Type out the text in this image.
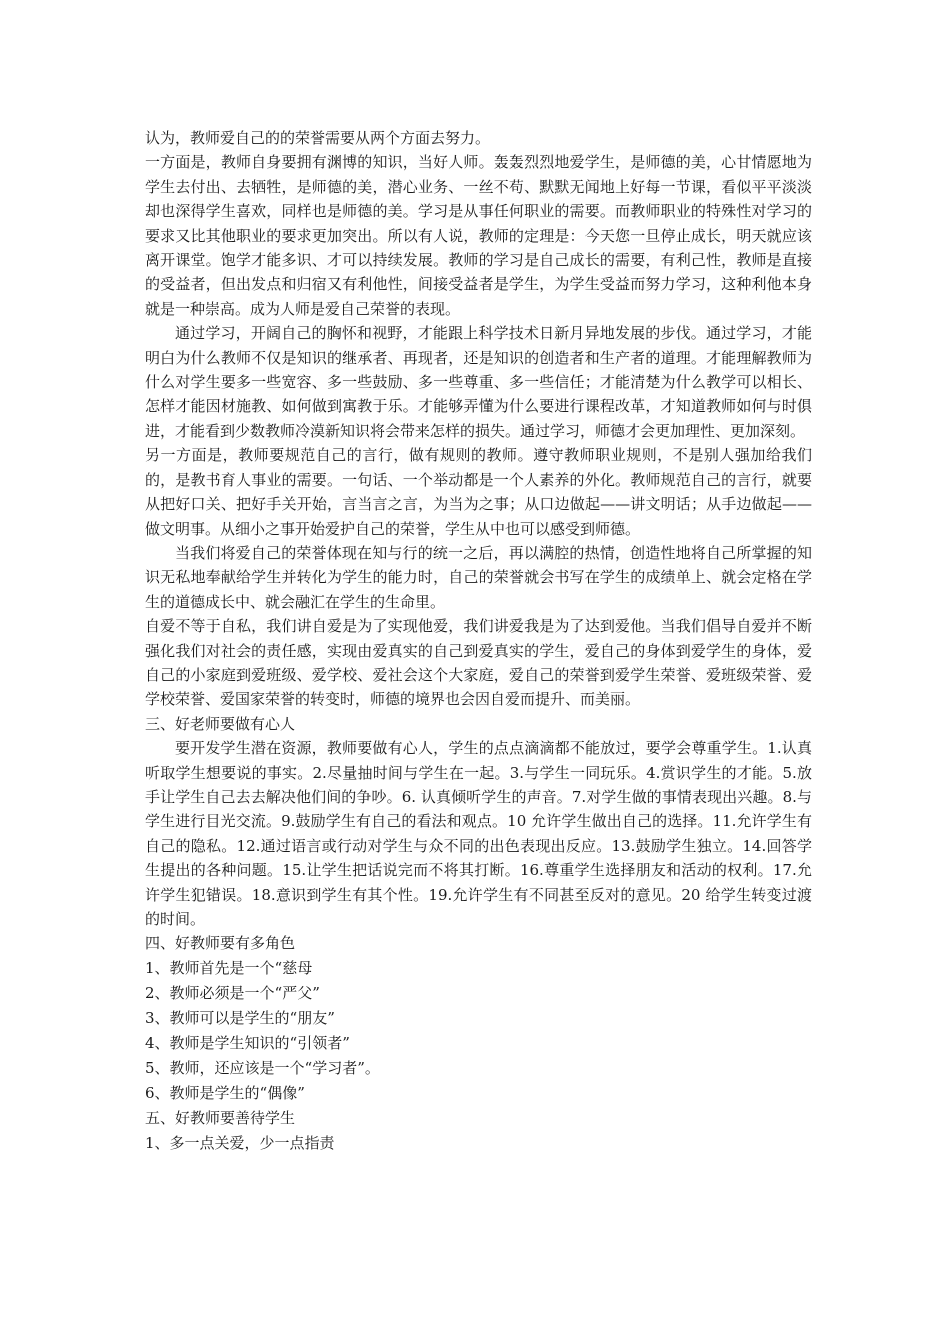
认为，教师爱自己的的荣誉需要从两个方面去努力。

一方面是，教师自身要拥有渊博的知识，当好人师。轰轰烈烈地爱学生，是师德的美，心甘情愿地为学生去付出、去牺牲，是师德的美，潜心业务、一丝不苟、默默无闻地上好每一节课，看似平平淡淡却也深得学生喜欢，同样也是师德的美。学习是从事任何职业的需要。而教师职业的特殊性对学习的要求又比其他职业的要求更加突出。所以有人说，教师的定理是：今天您一旦停止成长，明天就应该离开课堂。饱学才能多识、才可以持续发展。教师的学习是自己成长的需要，有利己性，教师是直接的受益者，但出发点和归宿又有利他性，间接受益者是学生，为学生受益而努力学习，这种利他本身就是一种崇高。成为人师是爱自己荣誉的表现。

通过学习，开阔自己的胸怀和视野，才能跟上科学技术日新月异地发展的步伐。通过学习，才能明白为什么教师不仅是知识的继承者、再现者，还是知识的创造者和生产者的道理。才能理解教师为什么对学生要多一些宽容、多一些鼓励、多一些尊重、多一些信任；才能清楚为什么教学可以相长、怎样才能因材施教、如何做到寓教于乐。才能够弄懂为什么要进行课程改革，才知道教师如何与时俱进，才能看到少数教师冷漠新知识将会带来怎样的损失。通过学习，师德才会更加理性、更加深刻。

另一方面是，教师要规范自己的言行，做有规则的教师。遵守教师职业规则，不是别人强加给我们的，是教书育人事业的需要。一句话、一个举动都是一个人素养的外化。教师规范自己的言行，就要从把好口关、把好手关开始，言当言之言，为当为之事；从口边做起——讲文明话；从手边做起——做文明事。从细小之事开始爱护自己的荣誉，学生从中也可以感受到师德。

当我们将爱自己的荣誉体现在知与行的统一之后，再以满腔的热情，创造性地将自己所掌握的知识无私地奉献给学生并转化为学生的能力时，自己的荣誉就会书写在学生的成绩单上、就会定格在学生的道德成长中、就会融汇在学生的生命里。

自爱不等于自私，我们讲自爱是为了实现他爱，我们讲爱我是为了达到爱他。当我们倡导自爱并不断强化我们对社会的责任感，实现由爱真实的自己到爱真实的学生，爱自己的身体到爱学生的身体，爱自己的小家庭到爱班级、爱学校、爱社会这个大家庭，爱自己的荣誉到爱学生荣誉、爱班级荣誉、爱学校荣誉、爱国家荣誉的转变时，师德的境界也会因自爱而提升、而美丽。

三、好老师要做有心人

要开发学生潜在资源，教师要做有心人，学生的点点滴滴都不能放过，要学会尊重学生。1.认真听取学生想要说的事实。2.尽量抽时间与学生在一起。3.与学生一同玩乐。4.赏识学生的才能。5.放手让学生自己去去解决他们间的争吵。6. 认真倾听学生的声音。7.对学生做的事情表现出兴趣。8.与学生进行目光交流。9.鼓励学生有自己的看法和观点。10 允许学生做出自己的选择。11.允许学生有自己的隐私。12.通过语言或行动对学生与众不同的出色表现出反应。13.鼓励学生独立。14.回答学生提出的各种问题。15.让学生把话说完而不将其打断。16.尊重学生选择朋友和活动的权利。17.允许学生犯错误。18.意识到学生有其个性。19.允许学生有不同甚至反对的意见。20 给学生转变过渡的时间。

四、好教师要有多角色

1、教师首先是一个“慈母

2、教师必须是一个“严父”

3、教师可以是学生的“朋友”

4、教师是学生知识的“引领者”

5、教师，还应该是一个“学习者”。

6、教师是学生的“偶像”

五、好教师要善待学生

1、多一点关爱，少一点指责
